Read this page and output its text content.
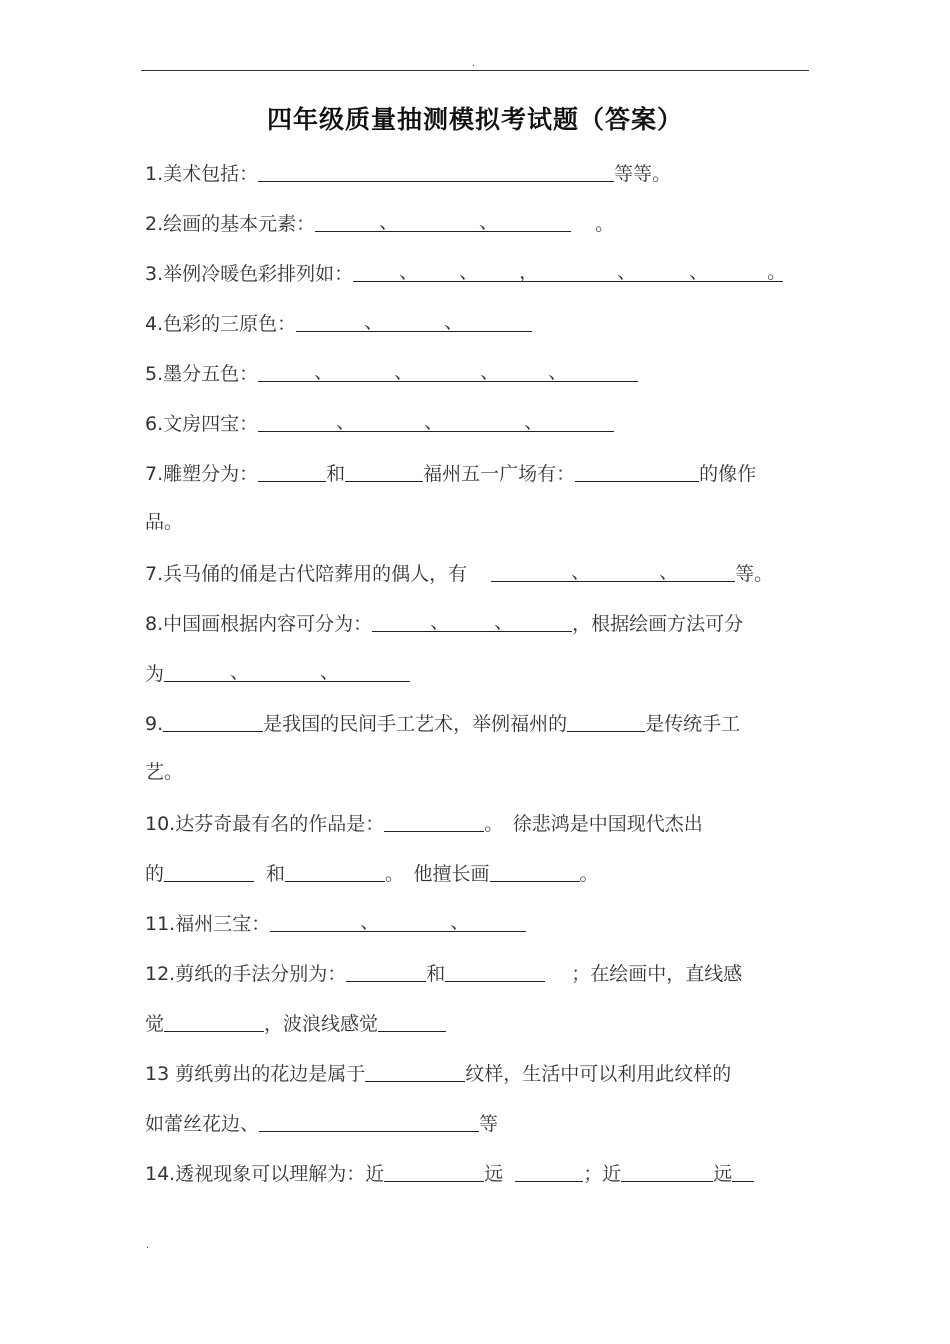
.
四年级质量抽测模拟考试题（答案）
1.美术包括：	等等。
2.绘画的基本元素：	、	、	。
3.举例冷暖色彩排列如： 、 、 ，	、	、	。
4.色彩的三原色：	、	、
5.墨分五色：	、	、	、	、
6.文房四宝：	、	、	、
7.雕塑分为：	和	福州五一广场有：	的像作
品。
7.兵马俑的俑是古代陪葬用的偶人，有	、	、	等。
8.中国画根据内容可分为：	、 、	，根据绘画方法可分
为	、	、
9.	是我国的民间手工艺术，举例福州的	是传统手工
艺。
10.达芬奇最有名的作品是：	。　徐悲鸿是中国现代杰出
的	和	。　他擅长画	。
11.福州三宝：	、	、
12.剪纸的手法分别为：	和	；在绘画中，直线感
觉	，波浪线感觉
13 剪纸剪出的花边是属于	纹样，生活中可以利用此纹样的
如蕾丝花边、	等
14.透视现象可以理解为：近	远	；近	远
.
